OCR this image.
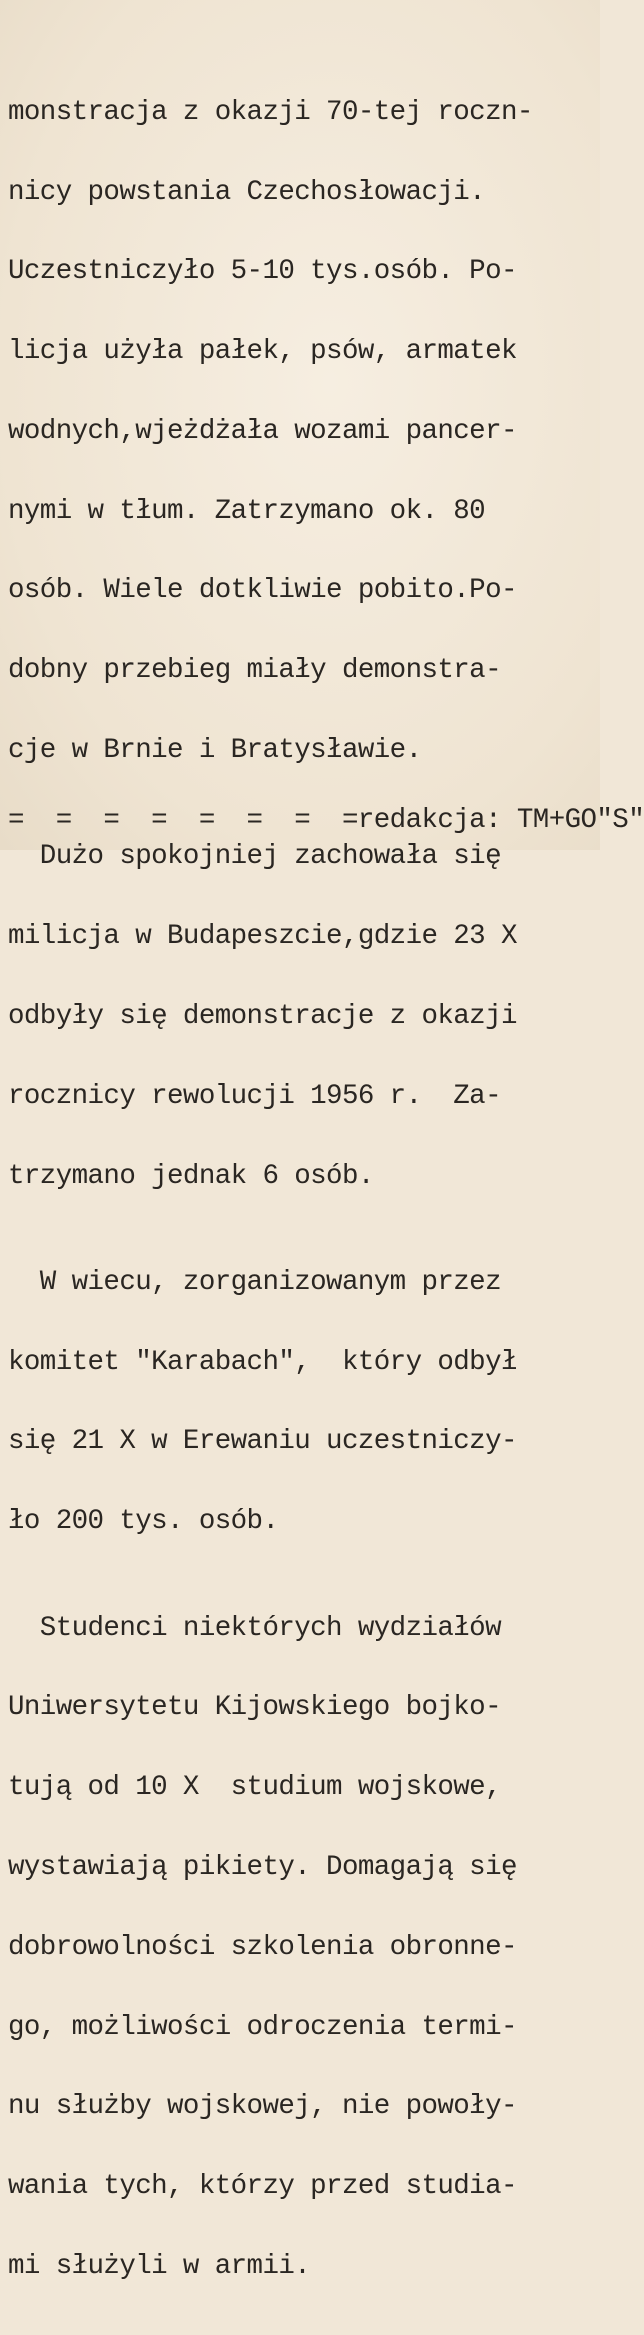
monstracja z okazji 70-tej roczn-

nicy powstania Czechosłowacji.

Uczestniczyło 5-10 tys.osób. Po-

licja użyła pałek, psów, armatek

wodnych,wjeżdżała wozami pancer-

nymi w tłum. Zatrzymano ok. 80

osób. Wiele dotkliwie pobito.Po-

dobny przebieg miały demonstra-

cje w Brnie i Bratysławie.

Dużo spokojniej zachowała się

milicja w Budapeszcie,gdzie 23 X

odbyły się demonstracje z okazji

rocznicy rewolucji 1956 r.  Za-

trzymano jednak 6 osób.

W wiecu, zorganizowanym przez

komitet "Karabach",  który odbył

się 21 X w Erewaniu uczestniczy-

ło 200 tys. osób.

Studenci niektórych wydziałów

Uniwersytetu Kijowskiego bojko-

tują od 10 X  studium wojskowe,

wystawiają pikiety. Domagają się

dobrowolności szkolenia obronne-

go, możliwości odroczenia termi-

nu służby wojskowej, nie powoły-

wania tych, którzy przed studia-

mi służyli w armii.

=  =  =  =  =  =  =  =redakcja: TM+GO"S"
